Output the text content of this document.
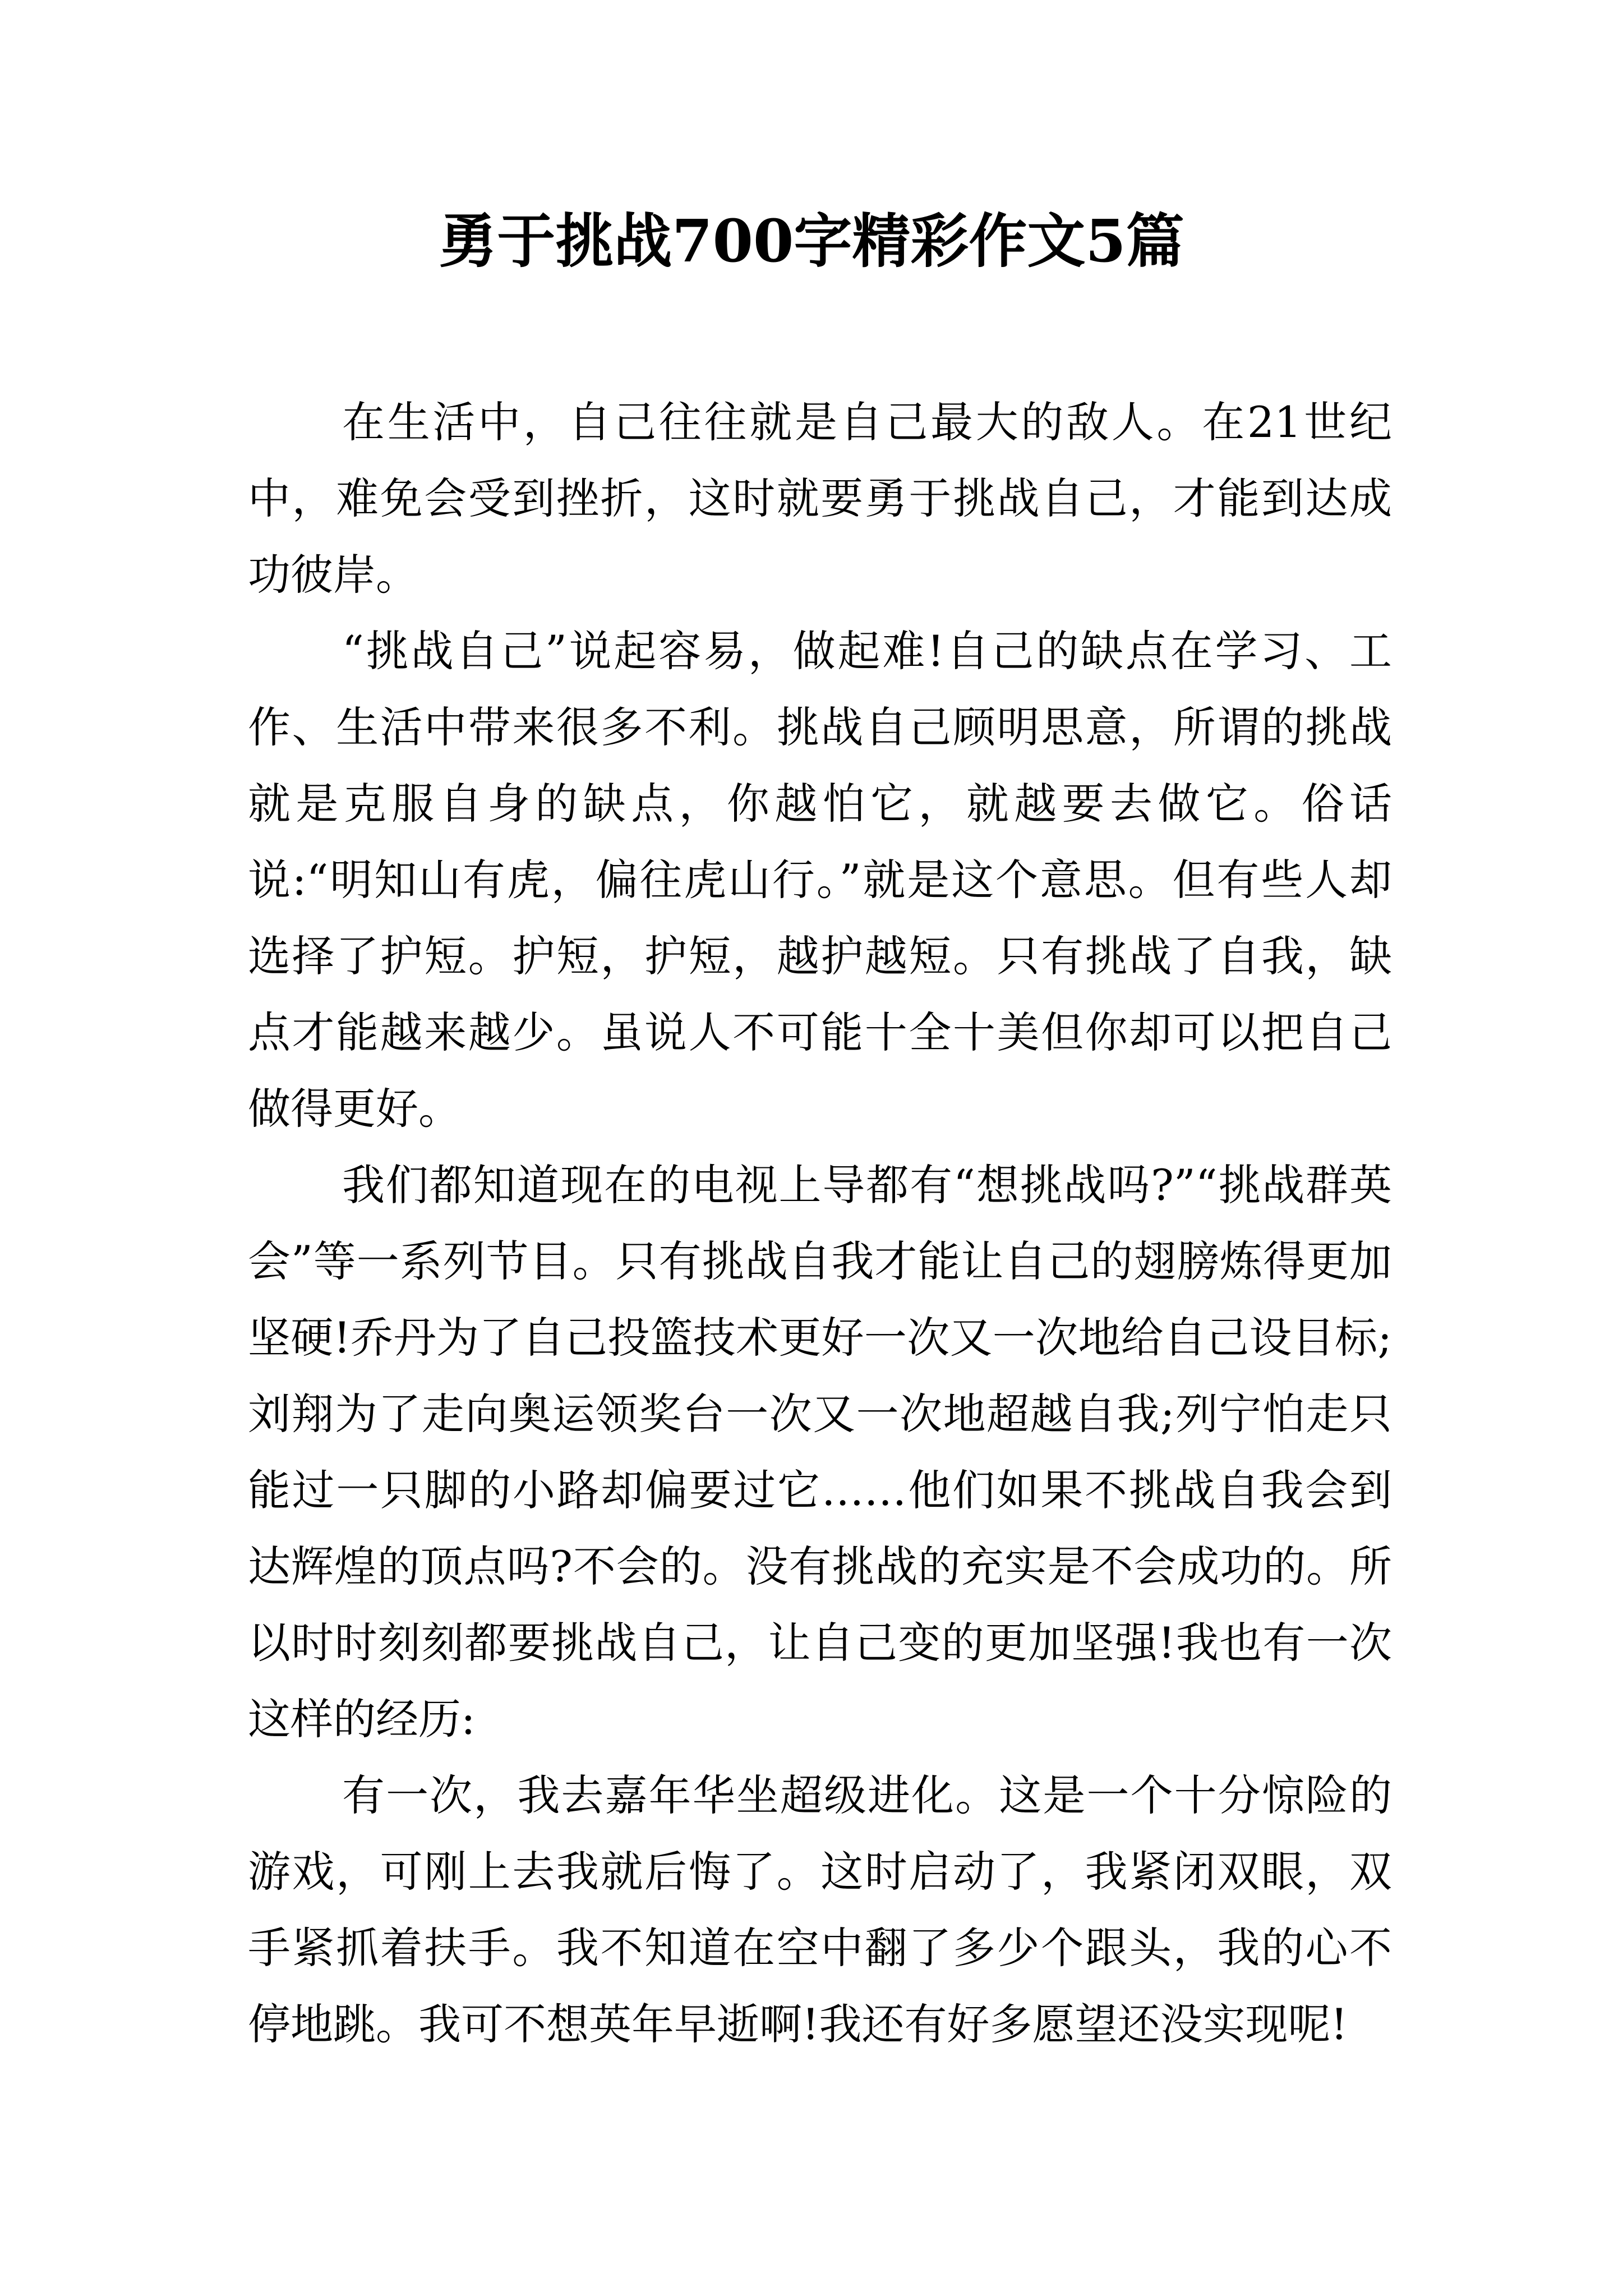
勇于挑战700字精彩作文5篇

在生活中，自己往往就是自己最大的敌人。在21世纪中，难免会受到挫折，这时就要勇于挑战自己，才能到达成功彼岸。

“挑战自己”说起容易，做起难!自己的缺点在学习、工作、生活中带来很多不利。挑战自己顾明思意，所谓的挑战就是克服自身的缺点，你越怕它，就越要去做它。俗话说:“明知山有虎，偏往虎山行。”就是这个意思。但有些人却选择了护短。护短，护短，越护越短。只有挑战了自我，缺点才能越来越少。虽说人不可能十全十美但你却可以把自己做得更好。

我们都知道现在的电视上导都有“想挑战吗?”“挑战群英会”等一系列节目。只有挑战自我才能让自己的翅膀炼得更加坚硬!乔丹为了自己投篮技术更好一次又一次地给自己设目标;刘翔为了走向奥运领奖台一次又一次地超越自我;列宁怕走只能过一只脚的小路却偏要过它……他们如果不挑战自我会到达辉煌的顶点吗?不会的。没有挑战的充实是不会成功的。所以时时刻刻都要挑战自己，让自己变的更加坚强!我也有一次这样的经历:

有一次，我去嘉年华坐超级进化。这是一个十分惊险的游戏，可刚上去我就后悔了。这时启动了，我紧闭双眼，双手紧抓着扶手。我不知道在空中翻了多少个跟头，我的心不停地跳。我可不想英年早逝啊!我还有好多愿望还没实现呢!
